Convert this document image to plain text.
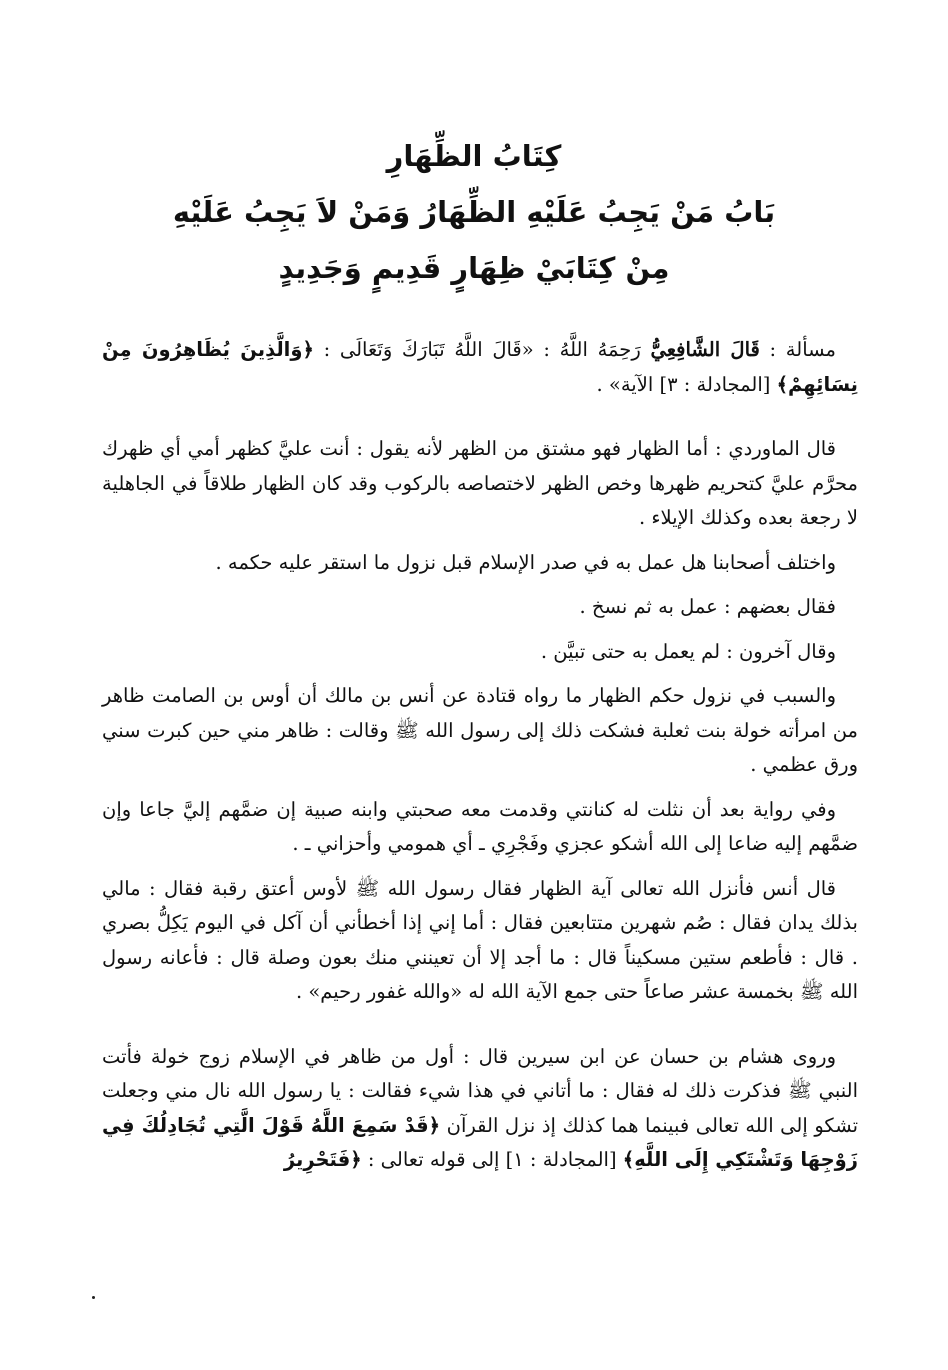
كِتَابُ الظِّهَارِ

بَابُ مَنْ يَجِبُ عَلَيْهِ الظِّهَارُ وَمَنْ لاَ يَجِبُ عَلَيْهِ

مِنْ كِتَابَيْ ظِهَارٍ قَدِيمٍ وَجَدِيدٍ

مسألة : قَالَ الشَّافِعِيُّ رَحِمَهُ اللَّهُ : «قَالَ اللَّهُ تَبَارَكَ وَتَعَالَى : ﴿وَالَّذِينَ يُظَاهِرُونَ مِنْ نِسَائِهِمْ﴾ [المجادلة : ٣] الآية» .

قال الماوردي : أما الظهار فهو مشتق من الظهر لأنه يقول : أنت عليَّ كظهر أمي أي ظهرك محرَّم عليَّ كتحريم ظهرها وخص الظهر لاختصاصه بالركوب وقد كان الظهار طلاقاً في الجاهلية لا رجعة بعده وكذلك الإيلاء .

واختلف أصحابنا هل عمل به في صدر الإسلام قبل نزول ما استقر عليه حكمه .

فقال بعضهم : عمل به ثم نسخ .

وقال آخرون : لم يعمل به حتى تبيَّن .

والسبب في نزول حكم الظهار ما رواه قتادة عن أنس بن مالك أن أوس بن الصامت ظاهر من امرأته خولة بنت ثعلبة فشكت ذلك إلى رسول الله ﷺ وقالت : ظاهر مني حين كبرت سني ورق عظمي .

وفي رواية بعد أن نثلت له كنانتي وقدمت معه صحبتي وابنه صبية إن ضمَّهم إليَّ جاعا وإن ضمَّهم إليه ضاعا إلى الله أشكو عجزي وفَجْرِي ـ أي همومي وأحزاني ـ .

قال أنس فأنزل الله تعالى آية الظهار فقال رسول الله ﷺ لأوس أعتق رقبة فقال : مالي بذلك يدان فقال : صُم شهرين متتابعين فقال : أما إني إذا أخطأني أن آكل في اليوم يَكِلُّ بصري . قال : فأطعم ستين مسكيناً قال : ما أجد إلا أن تعينني منك بعون وصلة قال : فأعانه رسول الله ﷺ بخمسة عشر صاعاً حتى جمع الآية الله له «والله غفور رحيم» .

وروى هشام بن حسان عن ابن سيرين قال : أول من ظاهر في الإسلام زوج خولة فأتت النبي ﷺ فذكرت ذلك له فقال : ما أتاني في هذا شيء فقالت : يا رسول الله نال مني وجعلت تشكو إلى الله تعالى فبينما هما كذلك إذ نزل القرآن ﴿قَدْ سَمِعَ اللَّهُ قَوْلَ الَّتِي تُجَادِلُكَ فِي زَوْجِهَا وَتَشْتَكِي إِلَى اللَّهِ﴾ [المجادلة : ١] إلى قوله تعالى : ﴿فَتَحْرِيرُ
